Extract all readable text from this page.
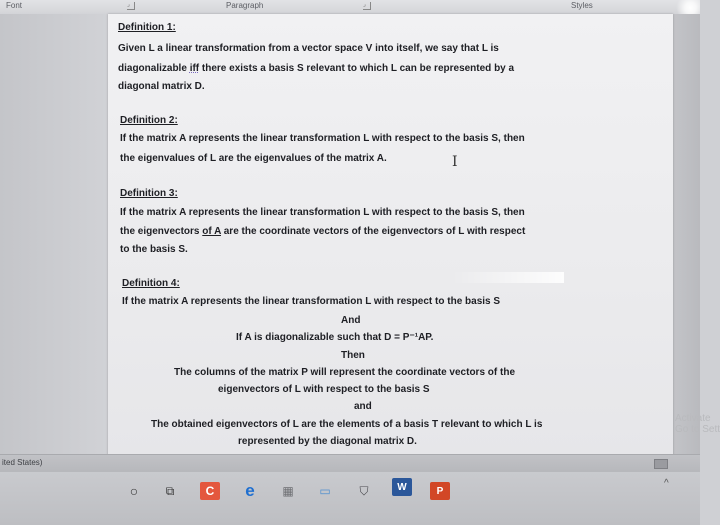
Font	⌟	Paragraph	⌟	Styles
Definition 1:
Given L a linear transformation from a vector space V into itself, we say that L is
diagonalizable iff there exists a basis S relevant to which L can be represented by a
diagonal matrix D.
Definition 2:
If the matrix A represents the linear transformation L with respect to the basis S, then
the eigenvalues of L are the eigenvalues of the matrix A.	I
Definition 3:
If the matrix A represents the linear transformation L with respect to the basis S, then
the eigenvectors of A are the coordinate vectors of the eigenvectors of L with respect
to the basis S.
Definition 4:
If the matrix A represents the linear transformation L with respect to the basis S
And
If A is diagonalizable such that D = P⁻¹AP.
Then
The columns of the matrix P will represent the coordinate vectors of the
eigenvectors of L with respect to the basis S
and
The obtained eigenvectors of L are the elements of a basis T relevant to which L is
represented by the diagonal matrix D.
Activate
Go to Sett
ited States)
○	⧉	C	e	▦	▭	⛉	W	P
^
